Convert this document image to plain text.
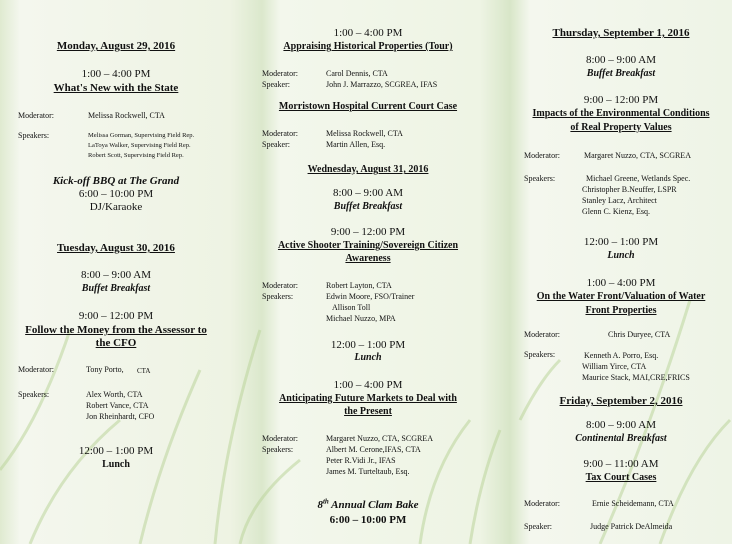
Monday, August 29, 2016
1:00 – 4:00 PM
What's New with the State
Moderator:	Melissa Rockwell, CTA
Speakers:	Melissa Gorman, Supervising Field Rep.
LaToya Walker, Supervising Field Rep.
Robert Scott, Supervising Field Rep.
Kick-off BBQ at The Grand
6:00 – 10:00 PM
DJ/Karaoke
Tuesday, August 30, 2016
8:00 – 9:00 AM
Buffet Breakfast
9:00 – 12:00 PM
Follow the Money from the Assessor to
the CFO
Moderator:	Tony Porto, CTA
Speakers:	Alex Worth, CTA
Robert Vance, CTA
Jon Rheinhardt, CFO
12:00 – 1:00 PM
Lunch
1:00 – 4:00 PM
Appraising Historical Properties (Tour)
Moderator:	Carol Dennis, CTA
Speaker:	John J. Marrazzo, SCGREA, IFAS
Morristown Hospital Current Court Case
Moderator:	Melissa Rockwell, CTA
Speaker:	Martin Allen, Esq.
Wednesday, August 31, 2016
8:00 – 9:00 AM
Buffet Breakfast
9:00 – 12:00 PM
Active Shooter Training/Sovereign Citizen
Awareness
Moderator:	Robert Layton, CTA
Speakers:	Edwin Moore, FSO/Trainer
Allison Toll
Michael Nuzzo, MPA
12:00 – 1:00 PM
Lunch
1:00 – 4:00 PM
Anticipating Future Markets to Deal with
the Present
Moderator:	Margaret Nuzzo, CTA, SCGREA
Speakers:	Albert M. Cerone,IFAS, CTA
Peter R.Vidi Jr., IFAS
James M. Turteltaub, Esq.
8th Annual Clam Bake
6:00 – 10:00 PM
Thursday, September 1, 2016
8:00 – 9:00 AM
Buffet Breakfast
9:00 – 12:00 PM
Impacts of the Environmental Conditions
of Real Property Values
Moderator:	Margaret Nuzzo, CTA, SCGREA
Speakers:	Michael Greene, Wetlands Spec.
Christopher B.Neuffer, LSPR
Stanley Lacz, Architect
Glenn C. Kienz, Esq.
12:00 – 1:00 PM
Lunch
1:00 – 4:00 PM
On the Water Front/Valuation of Water
Front Properties
Moderator:	Chris Duryee, CTA
Speakers:	Kenneth A. Porro, Esq.
William Yirce, CTA
Maurice Stack, MAI,CRE,FRICS
Friday, September 2, 2016
8:00 – 9:00 AM
Continental Breakfast
9:00 – 11:00 AM
Tax Court Cases
Moderator:	Ernie Scheidemann, CTA
Speaker:	Judge Patrick DeAlmeida
